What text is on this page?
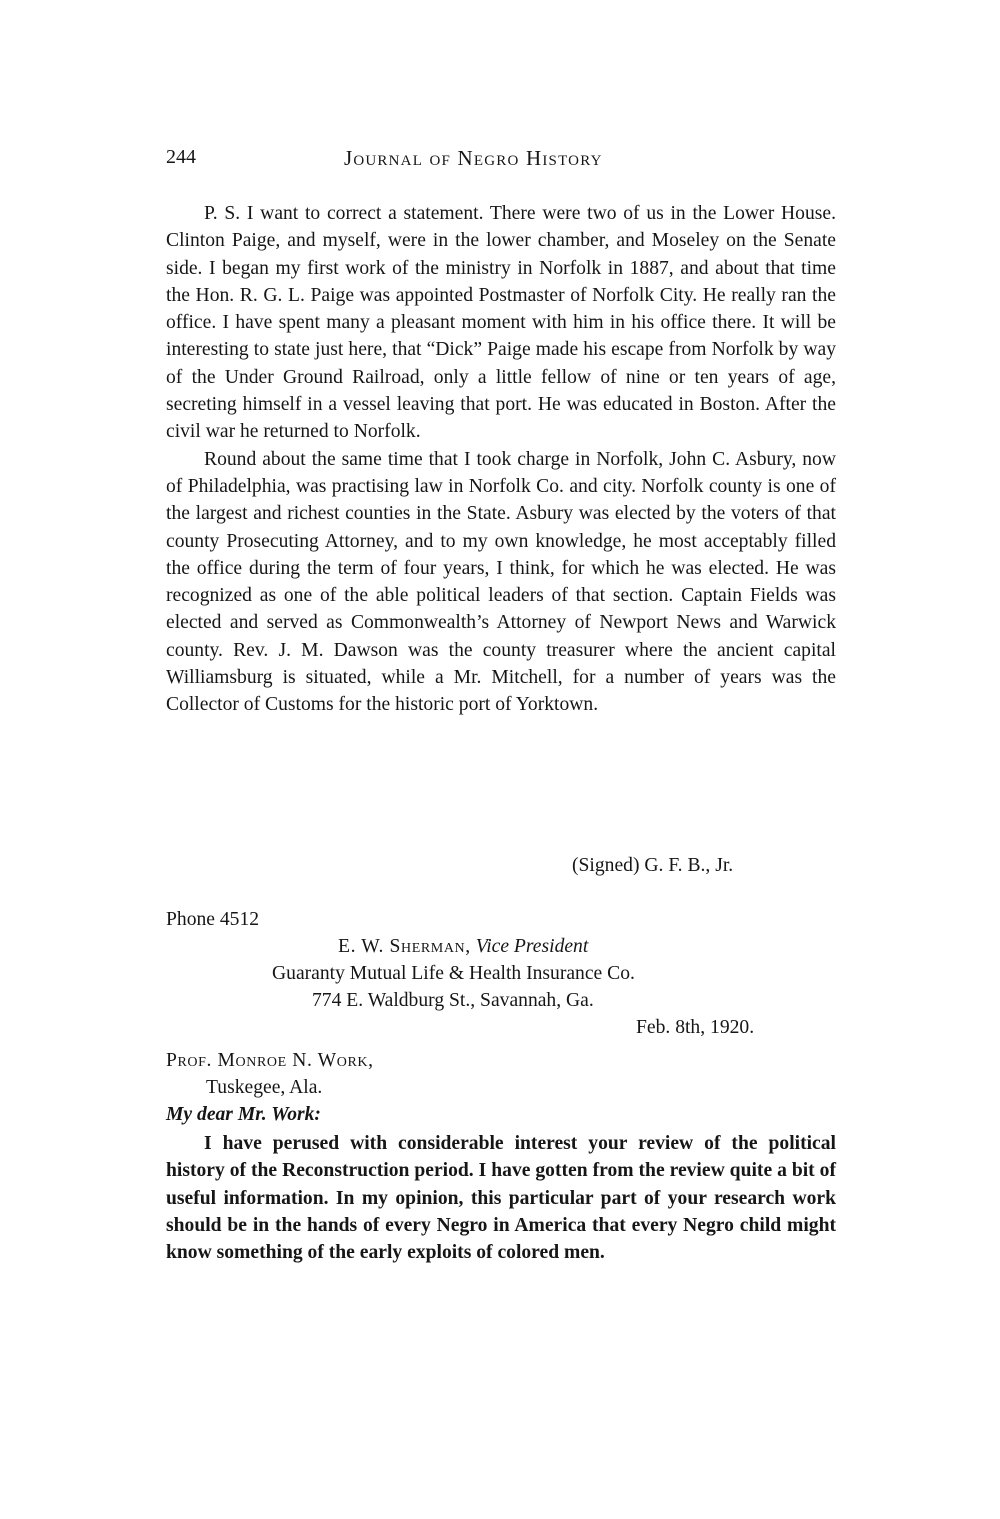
244	Journal of Negro History

P. S. I want to correct a statement. There were two of us in the Lower House. Clinton Paige, and myself, were in the lower chamber, and Moseley on the Senate side. I began my first work of the ministry in Norfolk in 1887, and about that time the Hon. R. G. L. Paige was appointed Postmaster of Norfolk City. He really ran the office. I have spent many a pleasant moment with him in his office there. It will be interesting to state just here, that “Dick” Paige made his escape from Norfolk by way of the Under Ground Railroad, only a little fellow of nine or ten years of age, secreting himself in a vessel leaving that port. He was educated in Boston. After the civil war he returned to Norfolk.

Round about the same time that I took charge in Norfolk, John C. Asbury, now of Philadelphia, was practising law in Norfolk Co. and city. Norfolk county is one of the largest and richest counties in the State. Asbury was elected by the voters of that county Prosecuting Attorney, and to my own knowledge, he most acceptably filled the office during the term of four years, I think, for which he was elected. He was recognized as one of the able political leaders of that section. Captain Fields was elected and served as Commonwealth’s Attorney of Newport News and Warwick county. Rev. J. M. Dawson was the county treasurer where the ancient capital Williamsburg is situated, while a Mr. Mitchell, for a number of years was the Collector of Customs for the historic port of Yorktown.

(Signed) G. F. B., Jr.
Phone 4512
E. W. Sherman, Vice President
Guaranty Mutual Life & Health Insurance Co.
774 E. Waldburg St., Savannah, Ga.
Feb. 8th, 1920.
Prof. Monroe N. Work,
Tuskegee, Ala.
My dear Mr. Work:

I have perused with considerable interest your review of the political history of the Reconstruction period. I have gotten from the review quite a bit of useful information. In my opinion, this particular part of your research work should be in the hands of every Negro in America that every Negro child might know something of the early exploits of colored men.
